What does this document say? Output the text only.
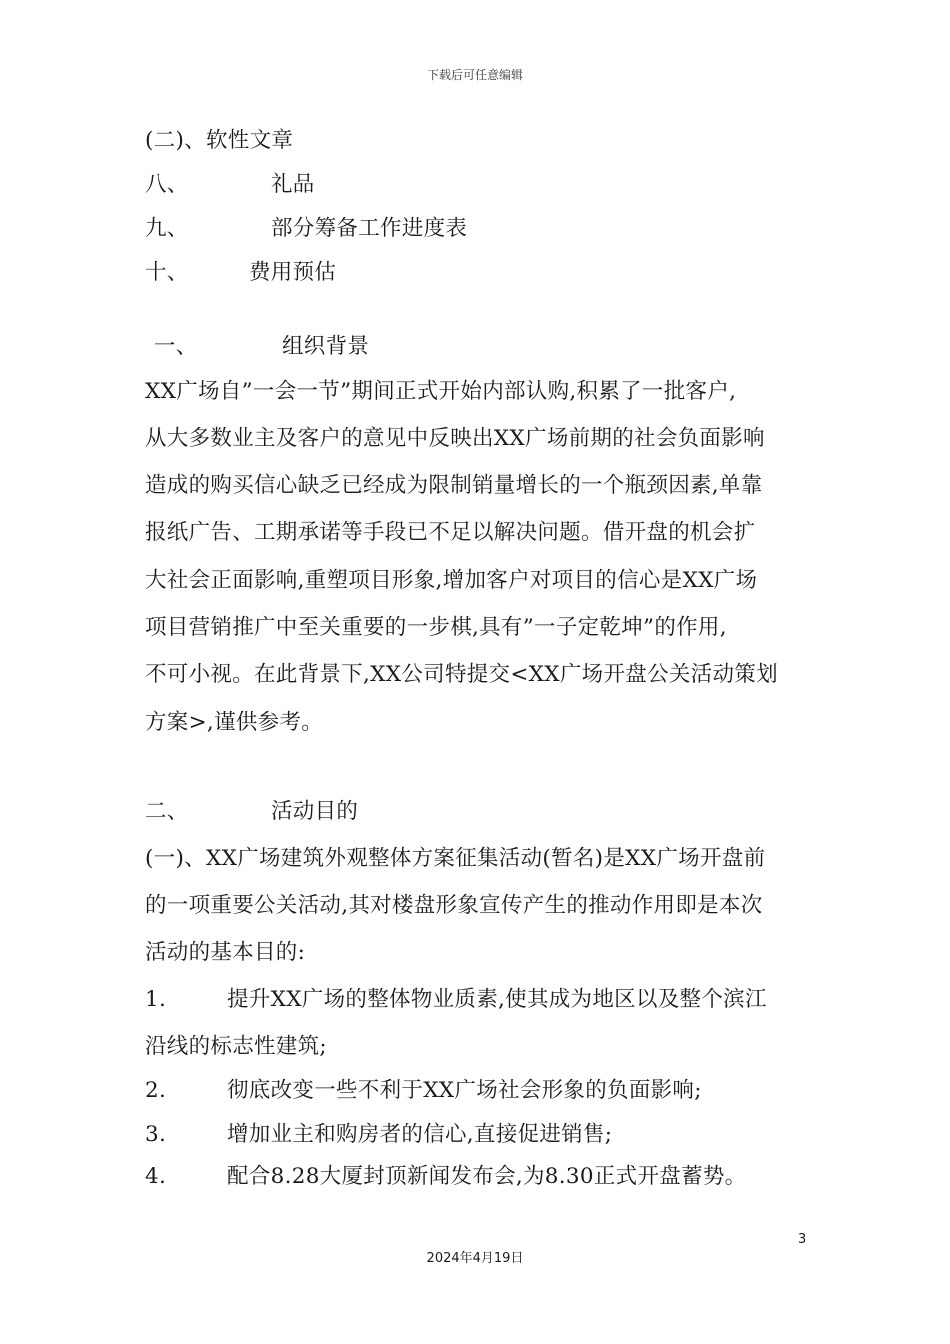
下载后可任意编辑
(二)、软性文章
八、	礼品
九、	部分筹备工作进度表
十、	费用预估
一、	组织背景
XX广场自”一会一节”期间正式开始内部认购,积累了一批客户,
从大多数业主及客户的意见中反映出XX广场前期的社会负面影响
造成的购买信心缺乏已经成为限制销量增长的一个瓶颈因素,单靠
报纸广告、工期承诺等手段已不足以解决问题。借开盘的机会扩
大社会正面影响,重塑项目形象,增加客户对项目的信心是XX广场
项目营销推广中至关重要的一步棋,具有”一子定乾坤”的作用,
不可小视。在此背景下,XX公司特提交<XX广场开盘公关活动策划
方案>,谨供参考。
二、	活动目的
(一)、XX广场建筑外观整体方案征集活动(暂名)是XX广场开盘前
的一项重要公关活动,其对楼盘形象宣传产生的推动作用即是本次
活动的基本目的:
1.	提升XX广场的整体物业质素,使其成为地区以及整个滨江
沿线的标志性建筑;
2.	彻底改变一些不利于XX广场社会形象的负面影响;
3.	增加业主和购房者的信心,直接促进销售;
4.	配合8.28大厦封顶新闻发布会,为8.30正式开盘蓄势。
3
2024年4月19日
